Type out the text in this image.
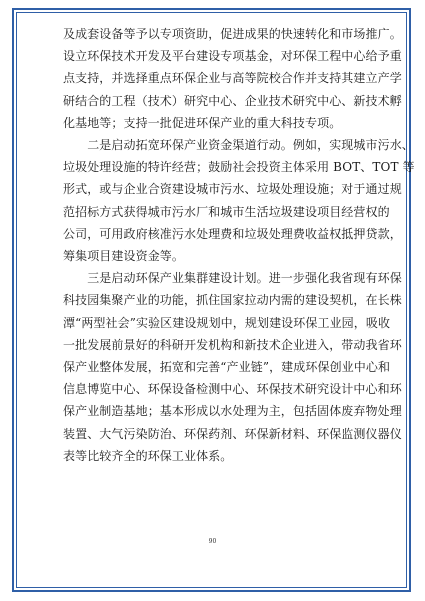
及成套设备等予以专项资助，促进成果的快速转化和市场推广。
设立环保技术开发及平台建设专项基金，对环保工程中心给予重
点支持，并选择重点环保企业与高等院校合作并支持其建立产学
研结合的工程（技术）研究中心、企业技术研究中心、新技术孵
化基地等；支持一批促进环保产业的重大科技专项。

　　二是启动拓宽环保产业资金渠道行动。例如，实现城市污水、
垃圾处理设施的特许经营；鼓励社会投资主体采用 BOT、TOT 等
形式，或与企业合资建设城市污水、垃圾处理设施；对于通过规
范招标方式获得城市污水厂和城市生活垃圾建设项目经营权的
公司，可用政府核准污水处理费和垃圾处理费收益权抵押贷款，
筹集项目建设资金等。

　　三是启动环保产业集群建设计划。进一步强化我省现有环保
科技园集聚产业的功能，抓住国家拉动内需的建设契机，在长株
潭“两型社会”实验区建设规划中，规划建设环保工业园，吸收
一批发展前景好的科研开发机构和新技术企业进入，带动我省环
保产业整体发展，拓宽和完善“产业链”，建成环保创业中心和
信息博览中心、环保设备检测中心、环保技术研究设计中心和环
保产业制造基地；基本形成以水处理为主，包括固体废弃物处理
装置、大气污染防治、环保药剂、环保新材料、环保监测仪器仪
表等比较齐全的环保工业体系。

90
